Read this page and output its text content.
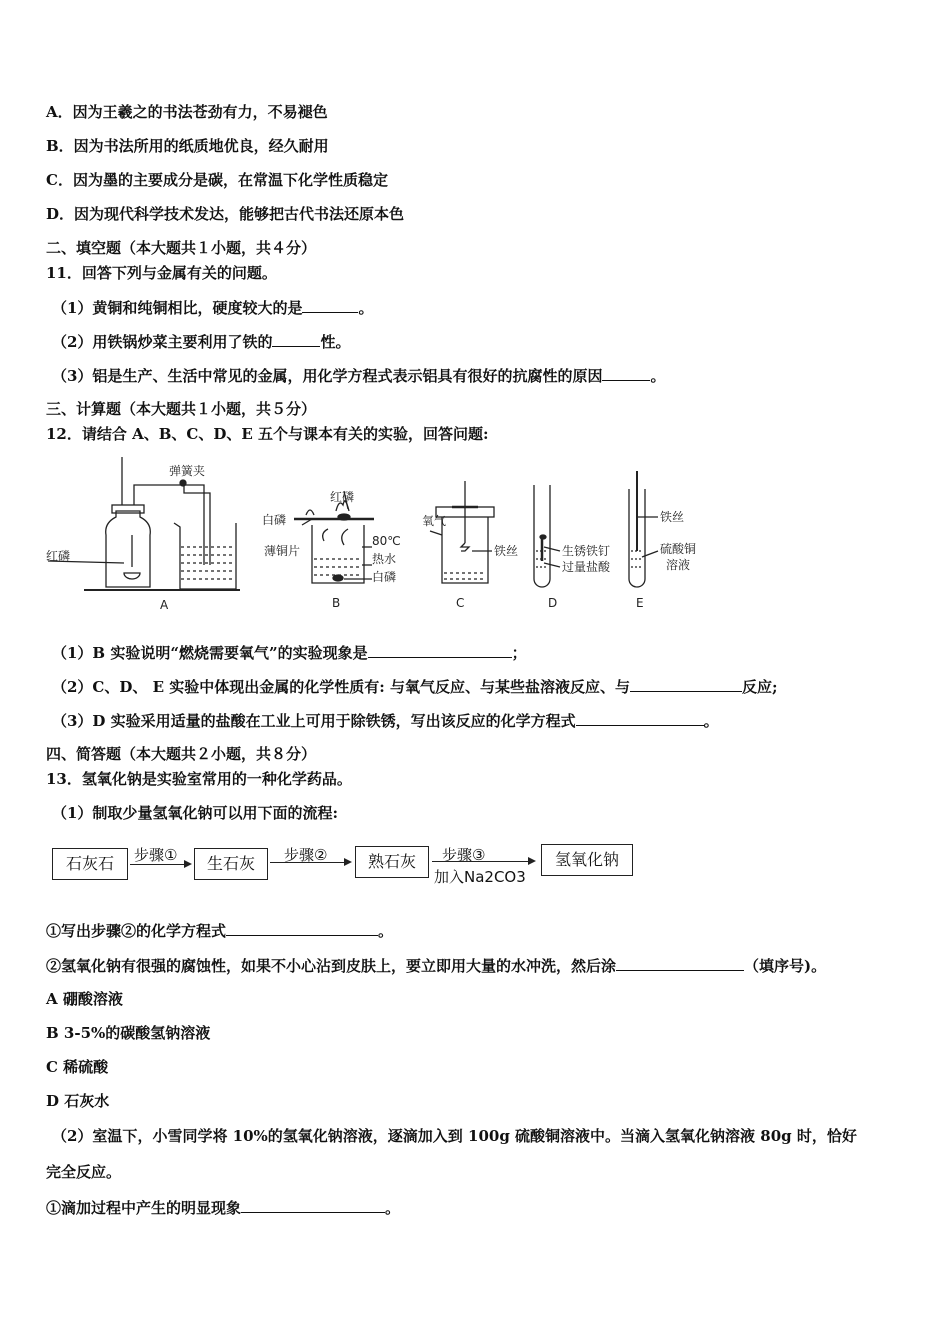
A．因为王羲之的书法苍劲有力，不易褪色
B．因为书法所用的纸质地优良，经久耐用
C．因为墨的主要成分是碳，在常温下化学性质稳定
D．因为现代科学技术发达，能够把古代书法还原本色
二、填空题（本大题共１小题，共４分）
11．回答下列与金属有关的问题。
（1）黄铜和纯铜相比，硬度较大的是	。
（2）用铁锅炒菜主要利用了铁的	性。
（3）铝是生产、生活中常见的金属，用化学方程式表示铝具有很好的抗腐性的原因	。
三、计算题（本大题共１小题，共５分）
12．请结合 A、B、C、D、E 五个与课本有关的实验，回答问题:
弹簧夹
红磷
A
红磷
白磷
薄铜片
80℃
热水
白磷
B
氧气
铁丝
C
生锈铁钉
过量盐酸
D
铁丝
硫酸铜
溶液
E
（1）B 实验说明“燃烧需要氧气”的实验现象是	；
（2）C、D、 E 实验中体现出金属的化学性质有: 与氧气反应、与某些盐溶液反应、与	反应;
（3）D 实验采用适量的盐酸在工业上可用于除铁锈，写出该反应的化学方程式	。
四、简答题（本大题共２小题，共８分）
13．氢氧化钠是实验室常用的一种化学药品。
（1）制取少量氢氧化钠可以用下面的流程:
石灰石	步骤①	生石灰	步骤②	熟石灰	步骤③
加入Na2CO3
氢氧化钠
①写出步骤②的化学方程式	。
②氢氧化钠有很强的腐蚀性，如果不小心沾到皮肤上，要立即用大量的水冲洗，然后涂	（填序号)。
A 硼酸溶液
B 3-5%的碳酸氢钠溶液
C 稀硫酸
D 石灰水
（2）室温下，小雪同学将 10%的氢氧化钠溶液，逐滴加入到 100g 硫酸铜溶液中。当滴入氢氧化钠溶液 80g 时，恰好
完全反应。
①滴加过程中产生的明显现象	。
